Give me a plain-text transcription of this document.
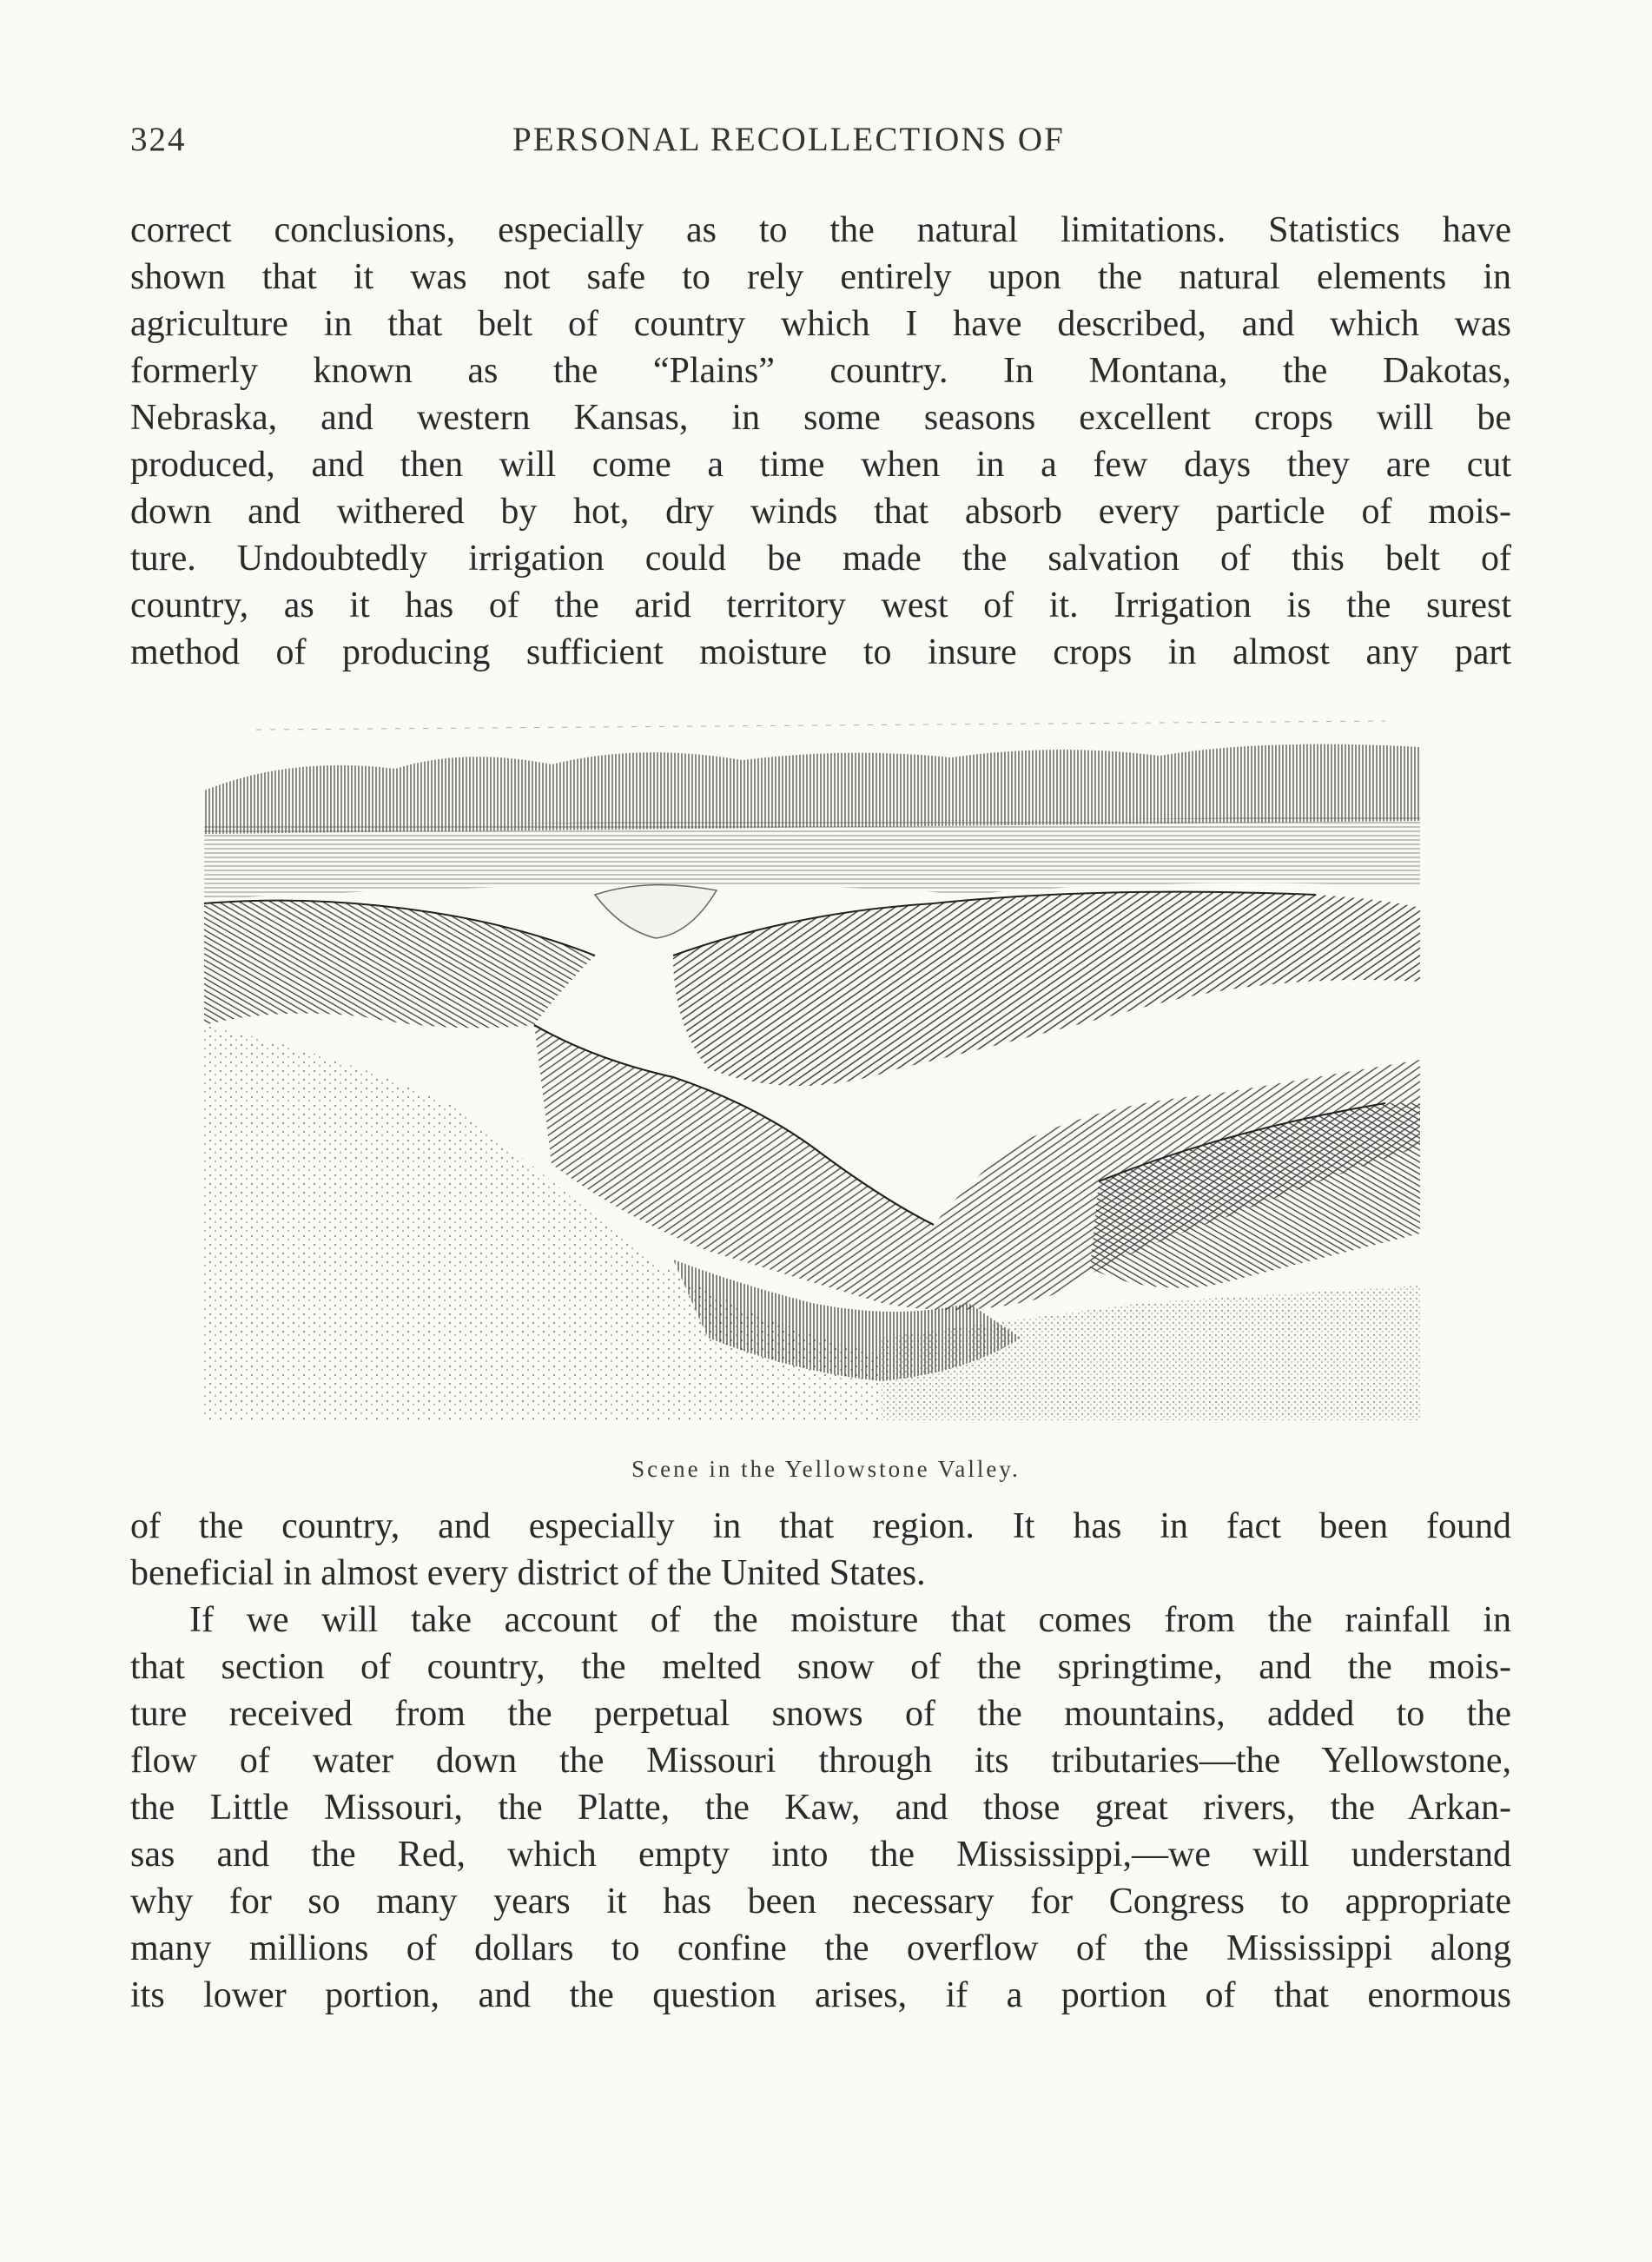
324	PERSONAL RECOLLECTIONS OF
correct conclusions, especially as to the natural limitations. Statistics have
shown that it was not safe to rely entirely upon the natural elements in
agriculture in that belt of country which I have described, and which was
formerly known as the “Plains” country. In Montana, the Dakotas,
Nebraska, and western Kansas, in some seasons excellent crops will be
produced, and then will come a time when in a few days they are cut
down and withered by hot, dry winds that absorb every particle of mois-
ture. Undoubtedly irrigation could be made the salvation of this belt of
country, as it has of the arid territory west of it. Irrigation is the surest
method of producing sufficient moisture to insure crops in almost any part
Scene in the Yellowstone Valley.
of the country, and especially in that region. It has in fact been found
beneficial in almost every district of the United States.
If we will take account of the moisture that comes from the rainfall in
that section of country, the melted snow of the springtime, and the mois-
ture received from the perpetual snows of the mountains, added to the
flow of water down the Missouri through its tributaries—the Yellowstone,
the Little Missouri, the Platte, the Kaw, and those great rivers, the Arkan-
sas and the Red, which empty into the Mississippi,—we will understand
why for so many years it has been necessary for Congress to appropriate
many millions of dollars to confine the overflow of the Mississippi along
its lower portion, and the question arises, if a portion of that enormous
